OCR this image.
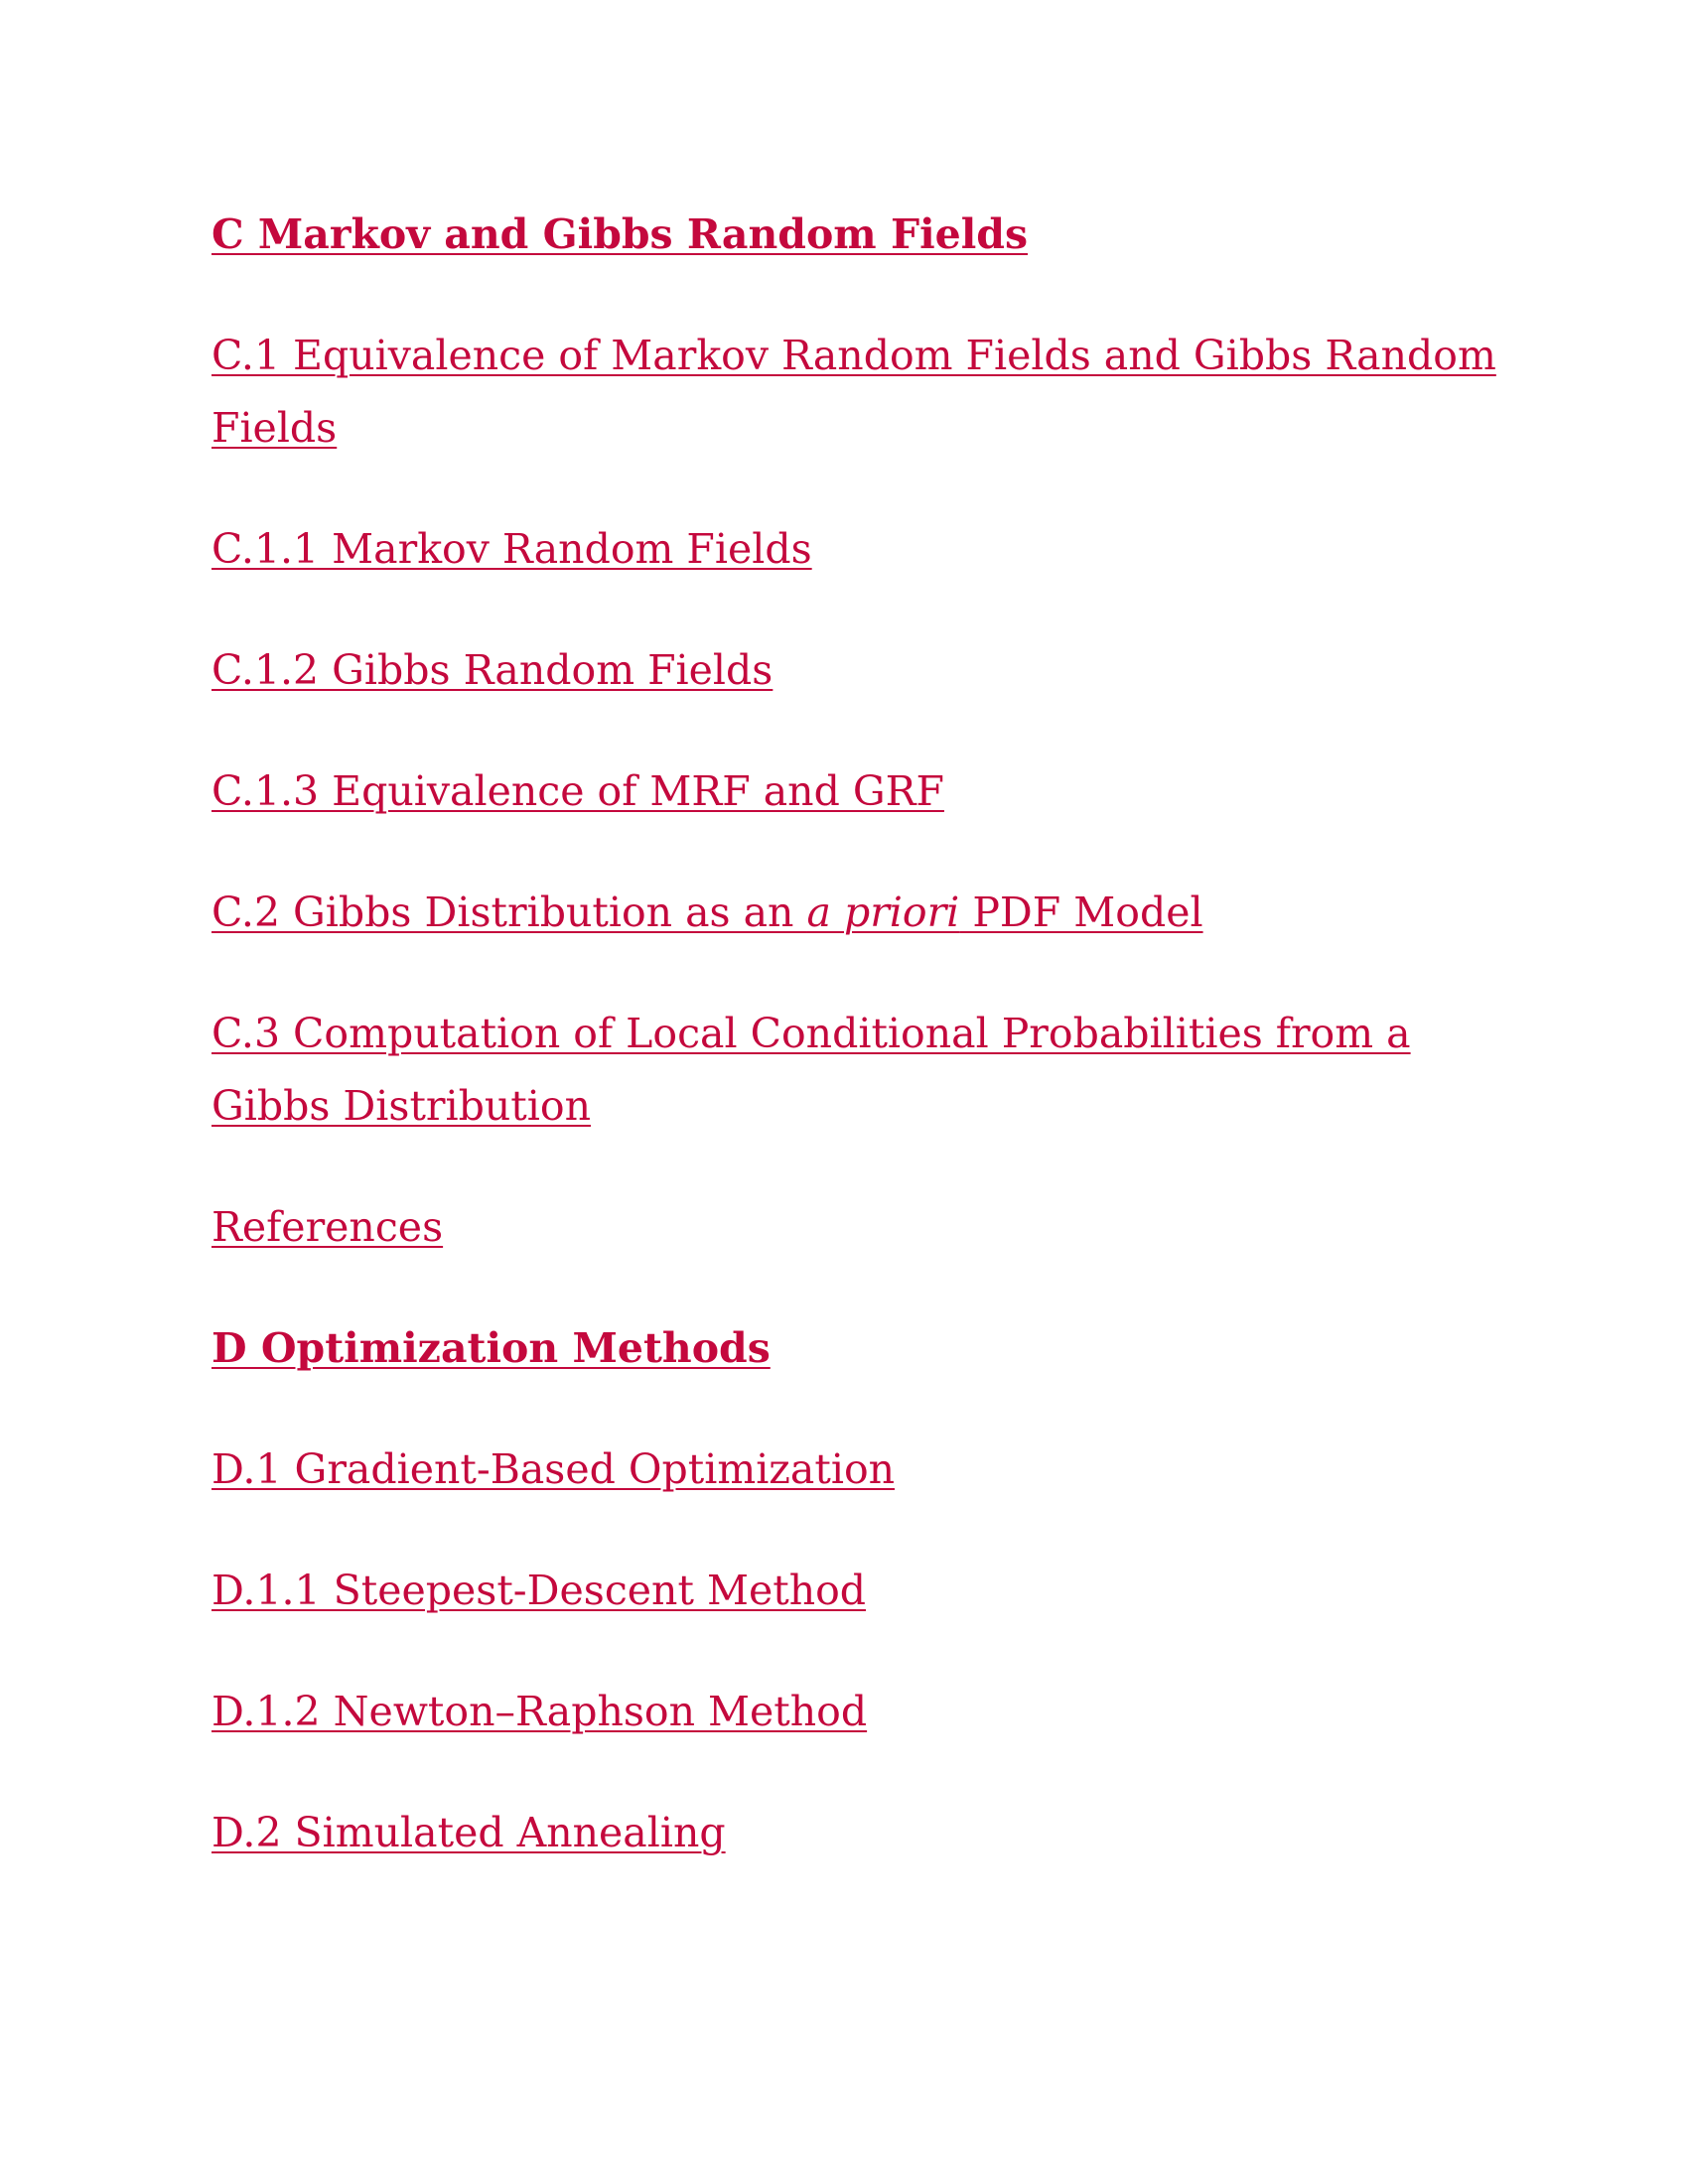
C Markov and Gibbs Random Fields
C.1 Equivalence of Markov Random Fields and Gibbs Random Fields
C.1.1 Markov Random Fields
C.1.2 Gibbs Random Fields
C.1.3 Equivalence of MRF and GRF
C.2 Gibbs Distribution as an a priori PDF Model
C.3 Computation of Local Conditional Probabilities from a Gibbs Distribution
References
D Optimization Methods
D.1 Gradient-Based Optimization
D.1.1 Steepest-Descent Method
D.1.2 Newton–Raphson Method
D.2 Simulated Annealing
